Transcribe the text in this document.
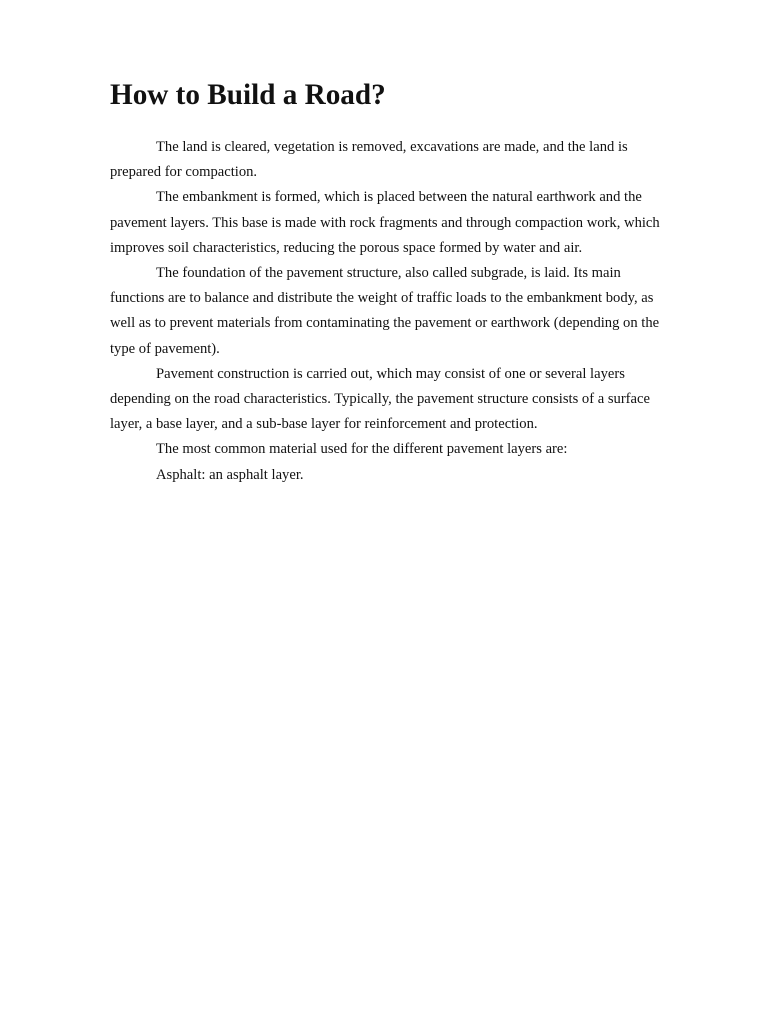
How to Build a Road?

The land is cleared, vegetation is removed, excavations are made, and the land is prepared for compaction.

The embankment is formed, which is placed between the natural earthwork and the pavement layers. This base is made with rock fragments and through compaction work, which improves soil characteristics, reducing the porous space formed by water and air.

The foundation of the pavement structure, also called subgrade, is laid. Its main functions are to balance and distribute the weight of traffic loads to the embankment body, as well as to prevent materials from contaminating the pavement or earthwork (depending on the type of pavement).

Pavement construction is carried out, which may consist of one or several layers depending on the road characteristics. Typically, the pavement structure consists of a surface layer, a base layer, and a sub-base layer for reinforcement and protection.

The most common material used for the different pavement layers are:

Asphalt: an asphalt layer.
